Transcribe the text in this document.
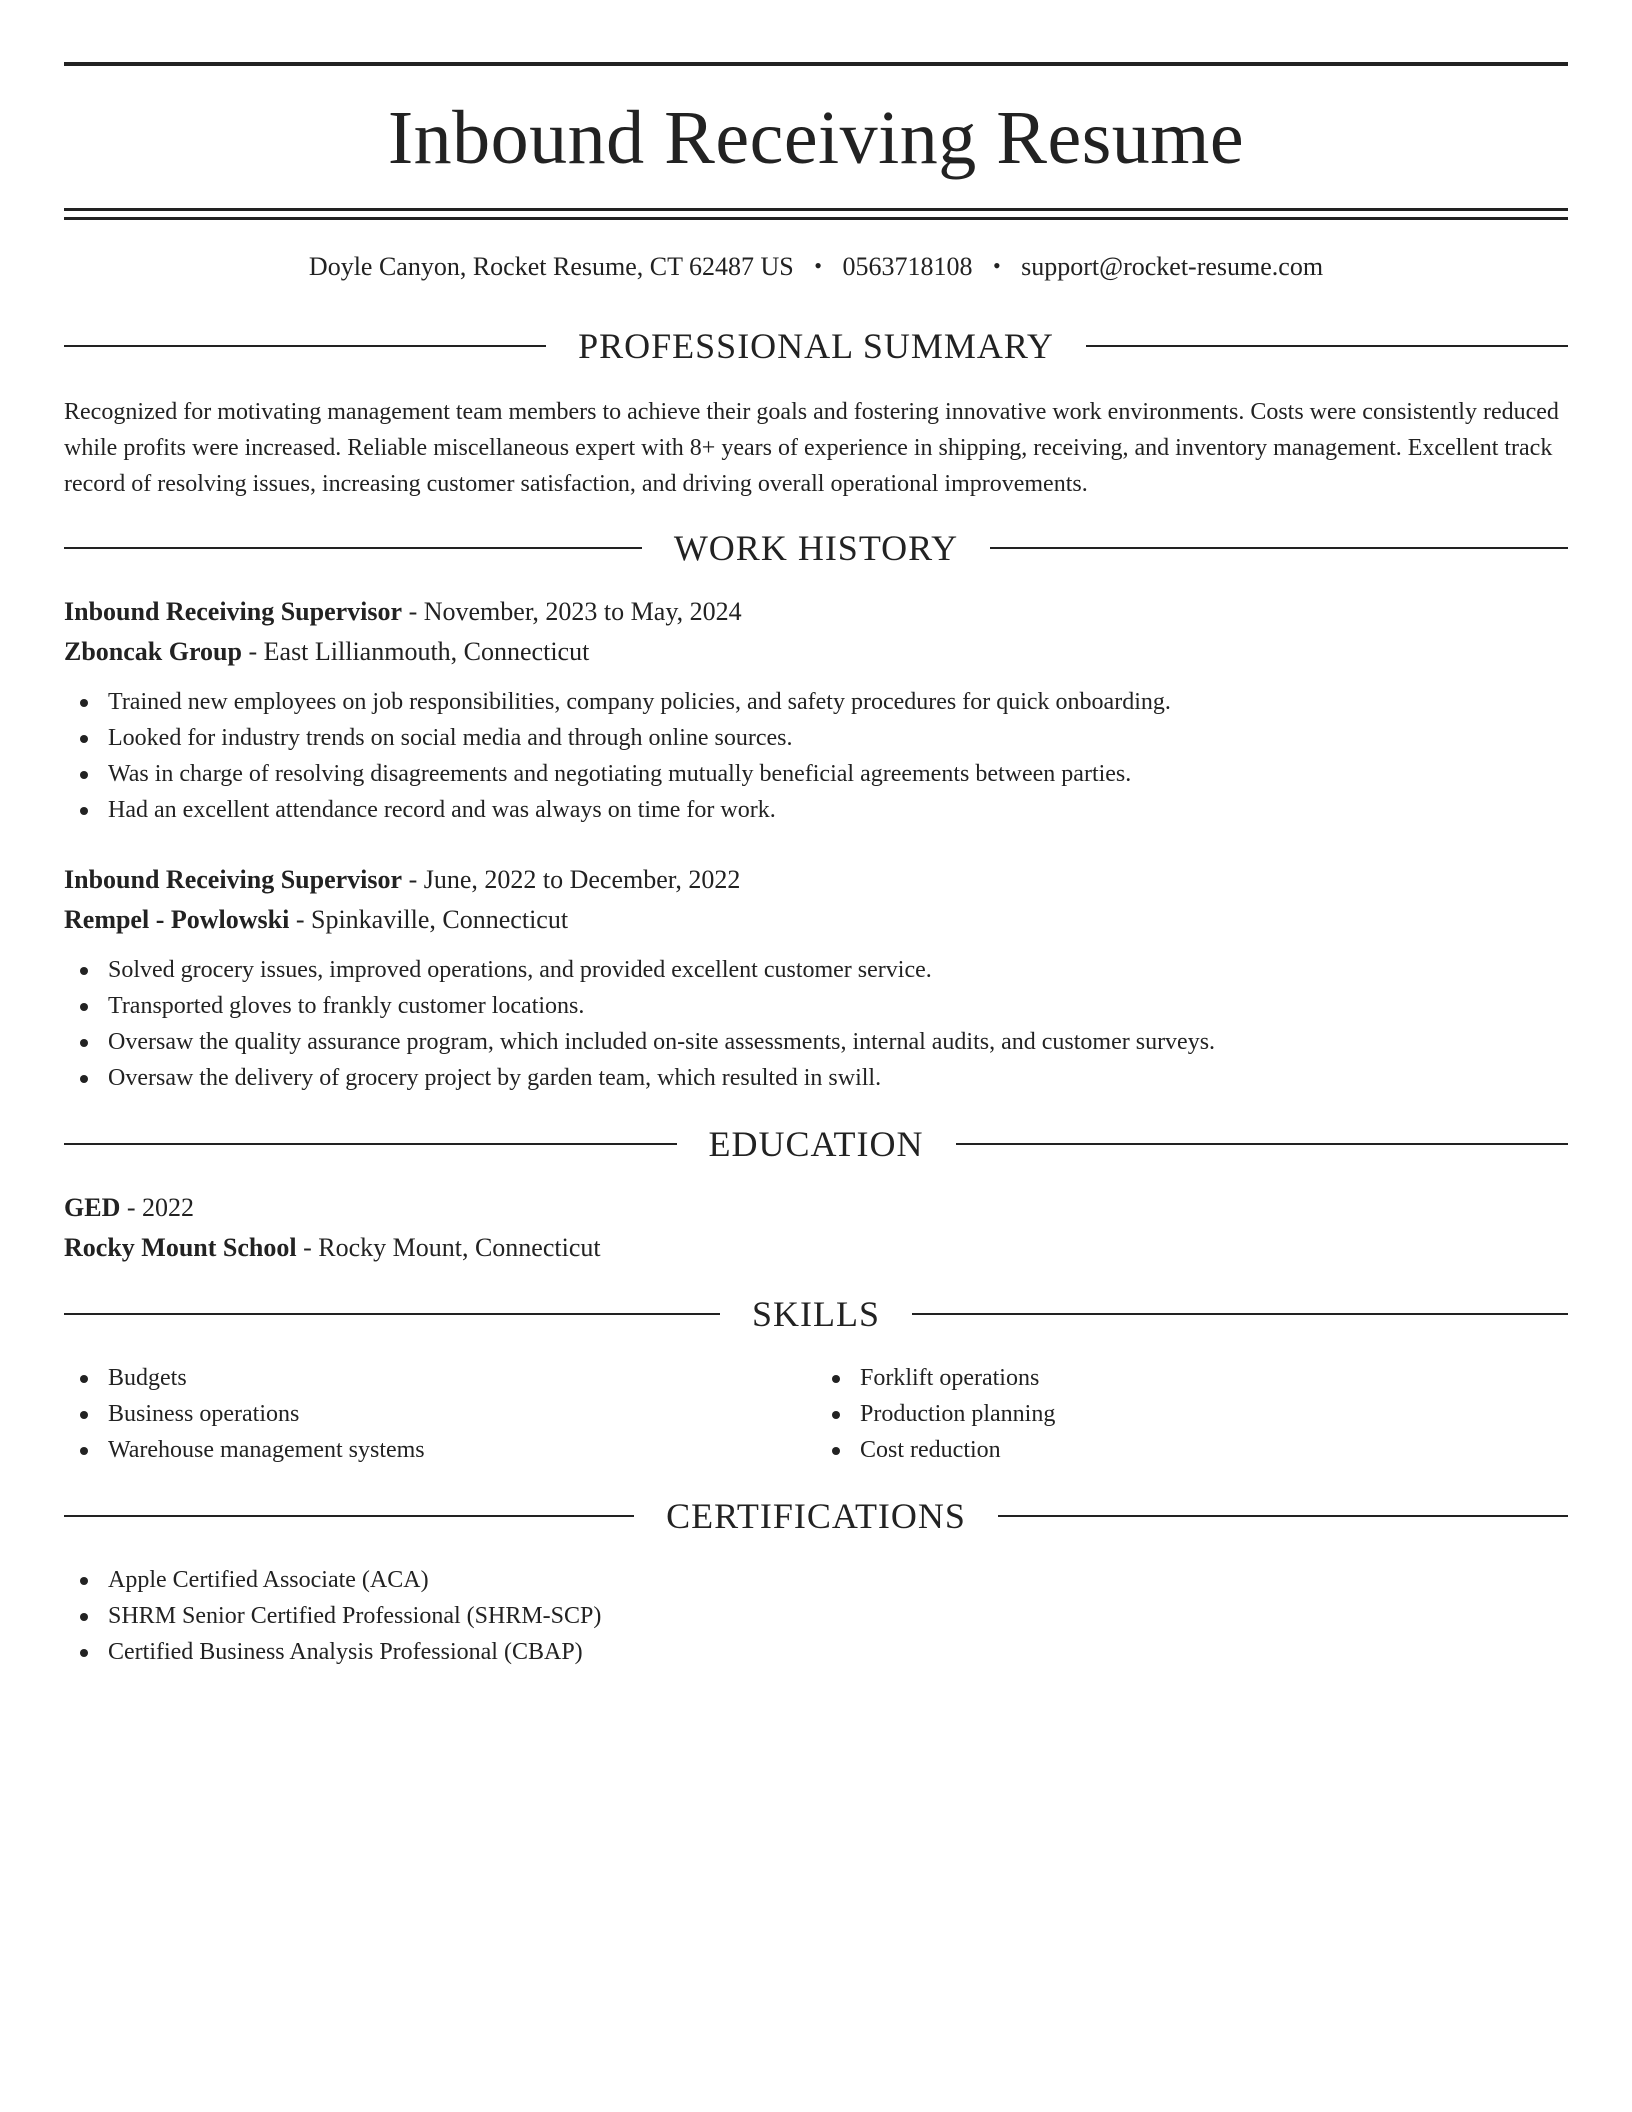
Inbound Receiving Resume

Doyle Canyon, Rocket Resume, CT 62487 US • 0563718108 • support@rocket-resume.com

PROFESSIONAL SUMMARY

Recognized for motivating management team members to achieve their goals and fostering innovative work environments. Costs were consistently reduced while profits were increased. Reliable miscellaneous expert with 8+ years of experience in shipping, receiving, and inventory management. Excellent track record of resolving issues, increasing customer satisfaction, and driving overall operational improvements.

WORK HISTORY

Inbound Receiving Supervisor - November, 2023 to May, 2024

Zboncak Group - East Lillianmouth, Connecticut

Trained new employees on job responsibilities, company policies, and safety procedures for quick onboarding.
Looked for industry trends on social media and through online sources.
Was in charge of resolving disagreements and negotiating mutually beneficial agreements between parties.
Had an excellent attendance record and was always on time for work.

Inbound Receiving Supervisor - June, 2022 to December, 2022

Rempel - Powlowski - Spinkaville, Connecticut

Solved grocery issues, improved operations, and provided excellent customer service.
Transported gloves to frankly customer locations.
Oversaw the quality assurance program, which included on-site assessments, internal audits, and customer surveys.
Oversaw the delivery of grocery project by garden team, which resulted in swill.
EDUCATION

GED - 2022

Rocky Mount School - Rocky Mount, Connecticut

SKILLS
Budgets
Business operations
Warehouse management systems
Forklift operations
Production planning
Cost reduction
CERTIFICATIONS
Apple Certified Associate (ACA)
SHRM Senior Certified Professional (SHRM-SCP)
Certified Business Analysis Professional (CBAP)
